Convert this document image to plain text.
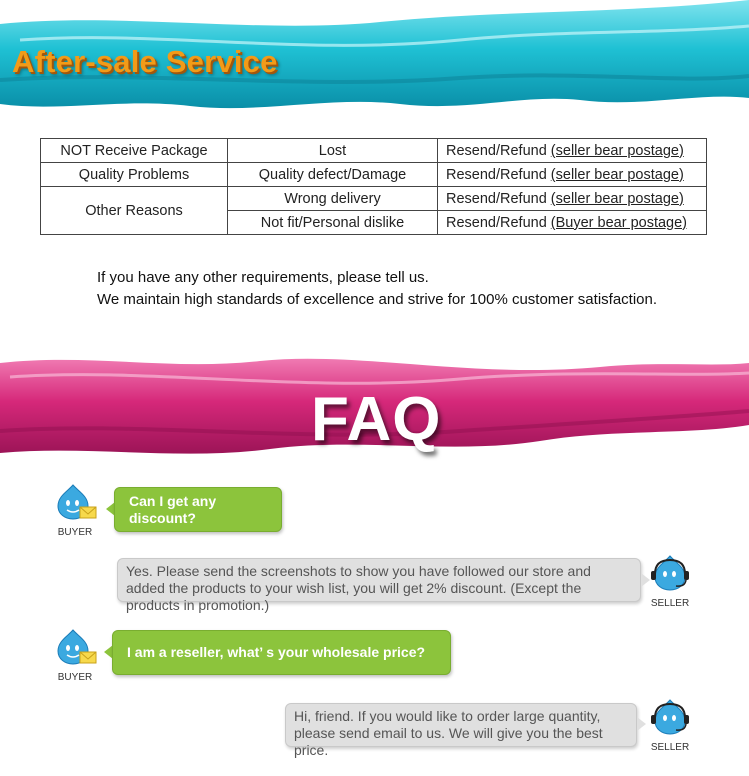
After-sale Service
NOT Receive Package	Lost	Resend/Refund (seller bear postage)
Quality Problems	Quality defect/Damage	Resend/Refund (seller bear postage)
Other Reasons	Wrong delivery	Resend/Refund (seller bear postage)
	Not fit/Personal dislike	Resend/Refund (Buyer bear postage)
If you have any other requirements, please tell us.
We maintain high standards of excellence and strive for 100% customer satisfaction.
FAQ
BUYER
Can I get any discount?
Yes. Please send the screenshots to show you have followed our store and added the products to your wish list, you will get 2% discount. (Except the products in promotion.)	SELLER
BUYER
I am a reseller, what’ s your wholesale price?
Hi, friend. If you would like to order large quantity, please send email to us. We will give you the best price.	SELLER
